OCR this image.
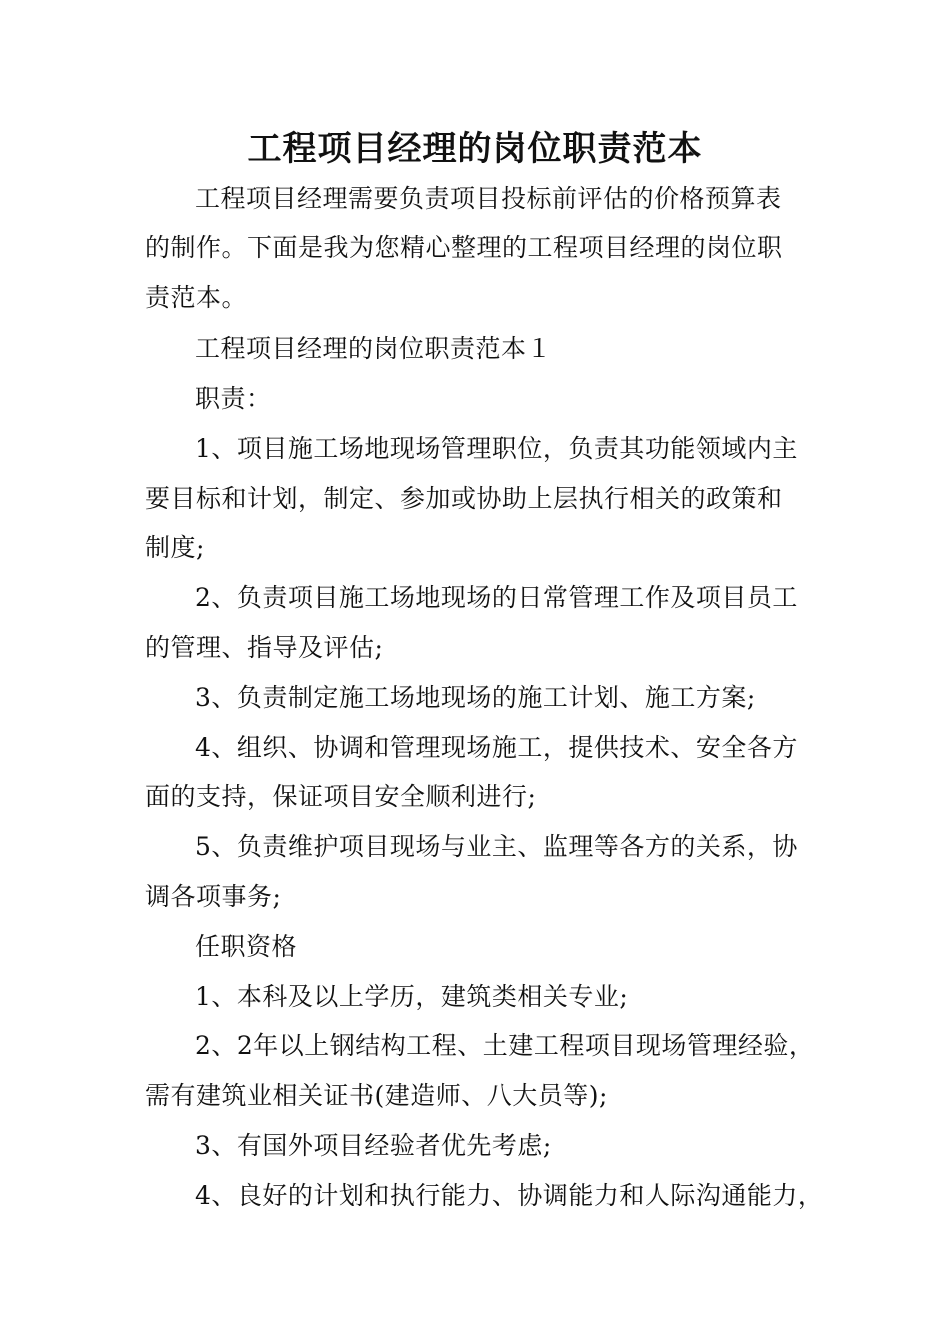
工程项目经理的岗位职责范本
工程项目经理需要负责项目投标前评估的价格预算表
的制作。下面是我为您精心整理的工程项目经理的岗位职
责范本。
工程项目经理的岗位职责范本１
职责：
1、项目施工场地现场管理职位，负责其功能领域内主
要目标和计划，制定、参加或协助上层执行相关的政策和
制度;
2、负责项目施工场地现场的日常管理工作及项目员工
的管理、指导及评估;
3、负责制定施工场地现场的施工计划、施工方案;
4、组织、协调和管理现场施工，提供技术、安全各方
面的支持，保证项目安全顺利进行;
5、负责维护项目现场与业主、监理等各方的关系，协
调各项事务;
任职资格
1、本科及以上学历，建筑类相关专业;
2、2年以上钢结构工程、土建工程项目现场管理经验，
需有建筑业相关证书(建造师、八大员等);
3、有国外项目经验者优先考虑;
4、良好的计划和执行能力、协调能力和人际沟通能力，
